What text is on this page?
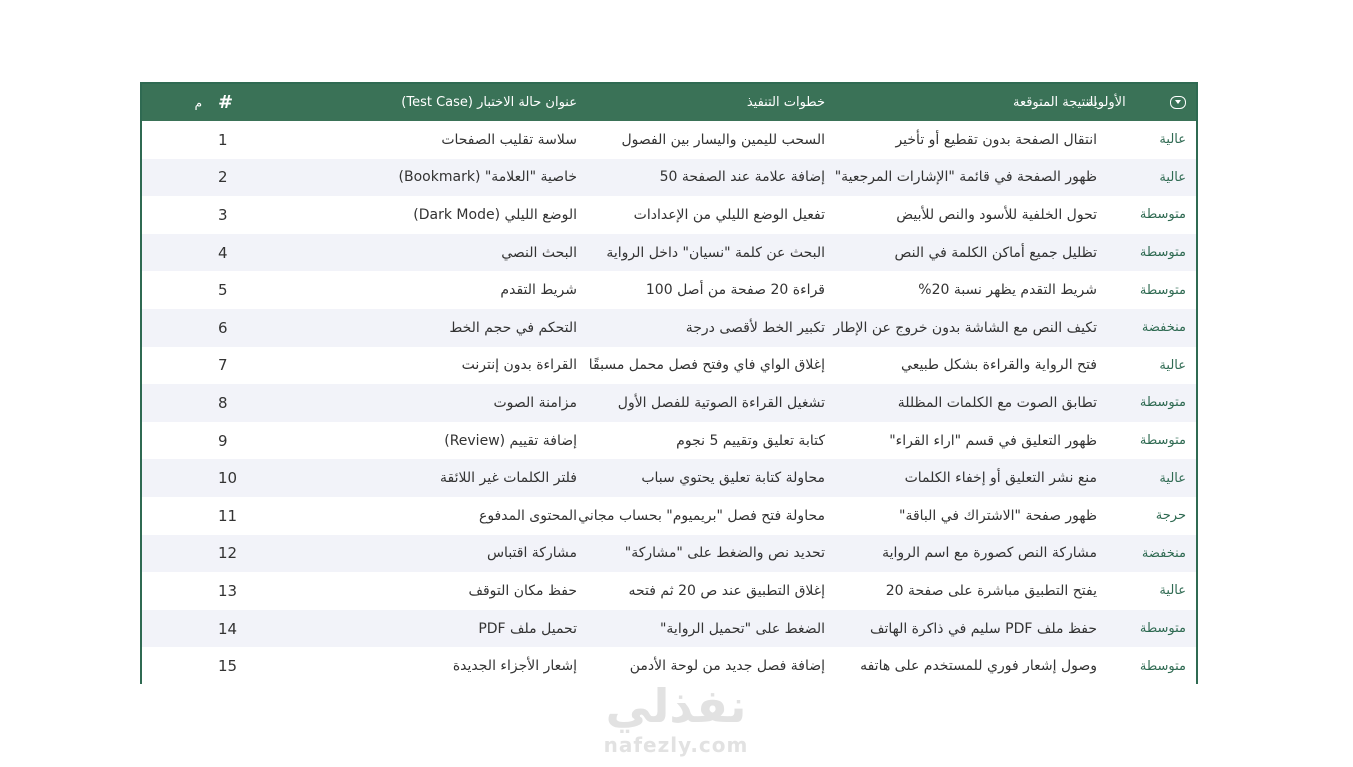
الأولوية	النتيجة المتوقعة	خطوات التنفيذ	عنوان حالة الاختبار (Test Case)	#	م
عالية	انتقال الصفحة بدون تقطيع أو تأخير	السحب لليمين واليسار بين الفصول	سلاسة تقليب الصفحات	1	
عالية	ظهور الصفحة في قائمة "الإشارات المرجعية"	إضافة علامة عند الصفحة 50	خاصية "العلامة" (Bookmark)	2	
متوسطة	تحول الخلفية للأسود والنص للأبيض	تفعيل الوضع الليلي من الإعدادات	الوضع الليلي (Dark Mode)	3	
متوسطة	تظليل جميع أماكن الكلمة في النص	البحث عن كلمة "نسيان" داخل الرواية	البحث النصي	4	
متوسطة	شريط التقدم يظهر نسبة 20%	قراءة 20 صفحة من أصل 100	شريط التقدم	5	
منخفضة	تكيف النص مع الشاشة بدون خروج عن الإطار	تكبير الخط لأقصى درجة	التحكم في حجم الخط	6	
عالية	فتح الرواية والقراءة بشكل طبيعي	إغلاق الواي فاي وفتح فصل محمل مسبقًا	القراءة بدون إنترنت	7	
متوسطة	تطابق الصوت مع الكلمات المظللة	تشغيل القراءة الصوتية للفصل الأول	مزامنة الصوت	8	
متوسطة	ظهور التعليق في قسم "اراء القراء"	كتابة تعليق وتقييم 5 نجوم	إضافة تقييم (Review)	9	
عالية	منع نشر التعليق أو إخفاء الكلمات	محاولة كتابة تعليق يحتوي سباب	فلتر الكلمات غير اللائقة	10	
حرجة	ظهور صفحة "الاشتراك في الباقة"	محاولة فتح فصل "بريميوم" بحساب مجاني	المحتوى المدفوع	11	
منخفضة	مشاركة النص كصورة مع اسم الرواية	تحديد نص والضغط على "مشاركة"	مشاركة اقتباس	12	
عالية	يفتح التطبيق مباشرة على صفحة 20	إغلاق التطبيق عند ص 20 ثم فتحه	حفظ مكان التوقف	13	
متوسطة	حفظ ملف PDF سليم في ذاكرة الهاتف	الضغط على "تحميل الرواية"	تحميل ملف PDF	14	
متوسطة	وصول إشعار فوري للمستخدم على هاتفه	إضافة فصل جديد من لوحة الأدمن	إشعار الأجزاء الجديدة	15	
نفذلي
nafezly.com
